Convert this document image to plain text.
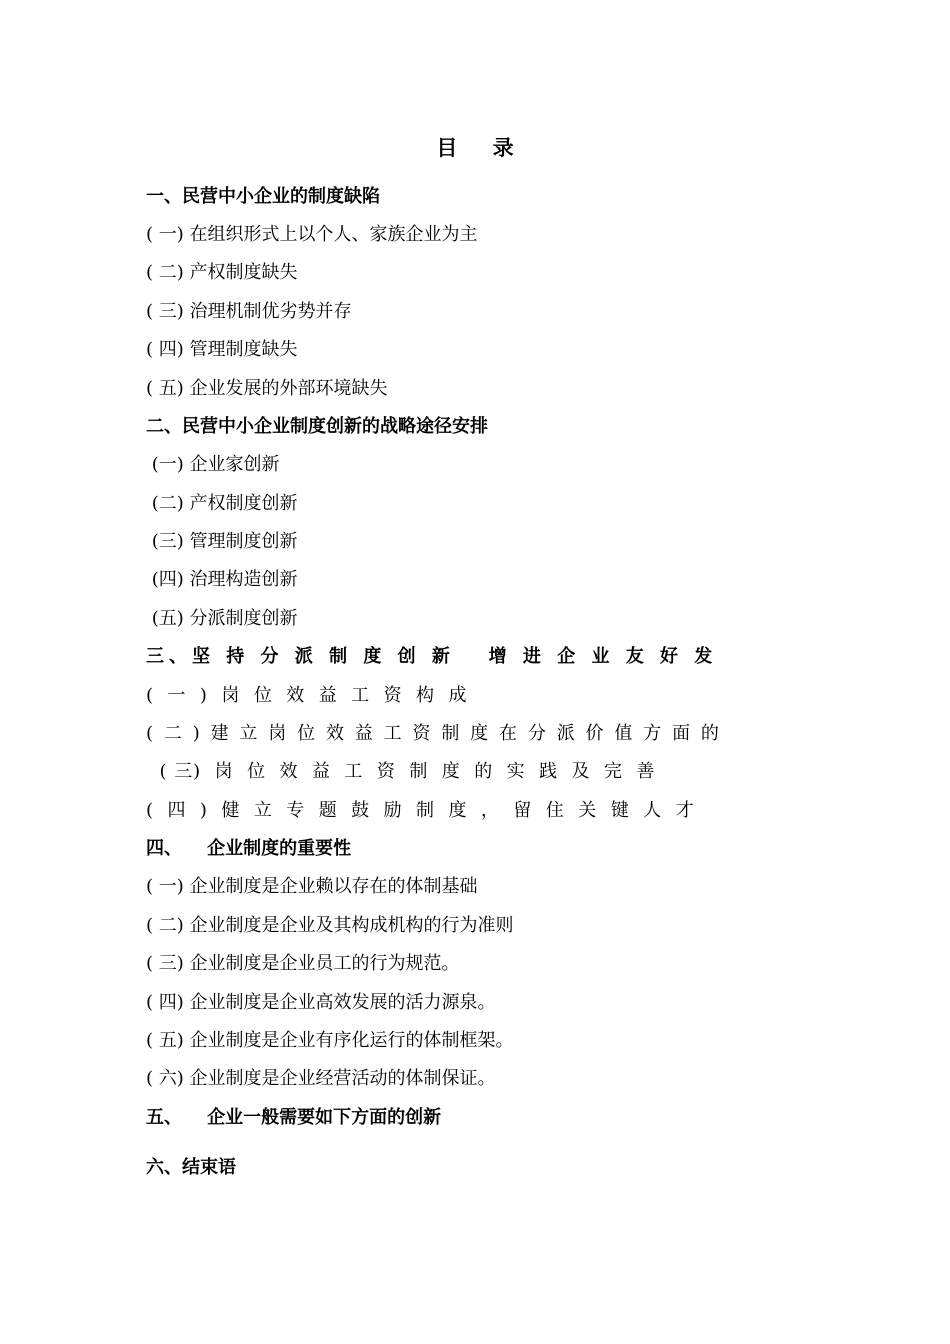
目 录
一、民营中小企业的制度缺陷
( 一) 在组织形式上以个人、家族企业为主
( 二) 产权制度缺失
( 三) 治理机制优劣势并存
( 四) 管理制度缺失
( 五) 企业发展的外部环境缺失
二、民营中小企业制度创新的战略途径安排
(一) 企业家创新
(二) 产权制度创新
(三) 管理制度创新
(四) 治理构造创新
(五) 分派制度创新
三、坚 持 分 派 制 度 创 新   增 进 企 业 友 好 发
(  一  )  岗  位  效  益  工  资  构  成
(  二  )  建  立  岗  位  效  益  工  资  制  度  在  分  派  价  值  方  面  的
( 三)  岗  位  效  益  工  资  制  度  的  实  践  及  完  善
(  四  )  健  立  专  题  鼓  励  制  度  ，  留  住  关  键  人  才
四、    企业制度的重要性
( 一) 企业制度是企业赖以存在的体制基础
( 二) 企业制度是企业及其构成机构的行为准则
( 三) 企业制度是企业员工的行为规范。
( 四) 企业制度是企业高效发展的活力源泉。
( 五) 企业制度是企业有序化运行的体制框架。
( 六) 企业制度是企业经营活动的体制保证。
五、    企业一般需要如下方面的创新
六、结束语
